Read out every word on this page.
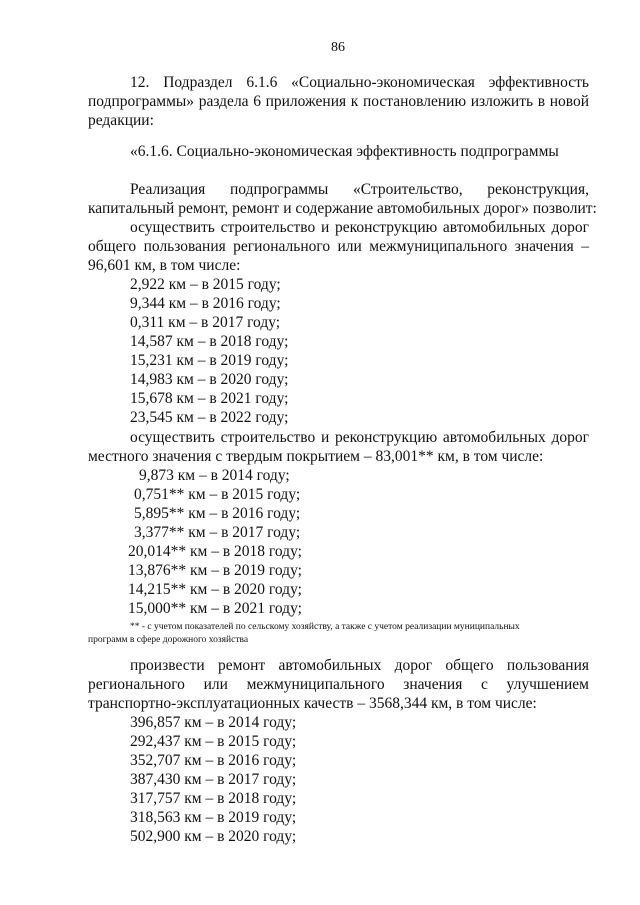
86
12. Подраздел 6.1.6 «Социально-экономическая эффективность
подпрограммы» раздела 6 приложения к постановлению изложить в новой
редакции:
«6.1.6. Социально-экономическая эффективность подпрограммы
Реализация подпрограммы «Строительство, реконструкция,
капитальный ремонт, ремонт и содержание автомобильных дорог» позволит:
осуществить строительство и реконструкцию автомобильных дорог
общего пользования регионального или межмуниципального значения –
96,601 км, в том числе:
2,922 км – в 2015 году;
9,344 км – в 2016 году;
0,311 км – в 2017 году;
14,587 км – в 2018 году;
15,231 км – в 2019 году;
14,983 км – в 2020 году;
15,678 км – в 2021 году;
23,545 км – в 2022 году;
осуществить строительство и реконструкцию автомобильных дорог
местного значения с твердым покрытием – 83,001** км, в том числе:
9,873 км – в 2014 году;
0,751** км – в 2015 году;
5,895** км – в 2016 году;
3,377** км – в 2017 году;
20,014** км – в 2018 году;
13,876** км – в 2019 году;
14,215** км – в 2020 году;
15,000** км – в 2021 году;
** - с учетом показателей по сельскому хозяйству, а также с учетом реализации муниципальных
программ в сфере дорожного хозяйства
произвести ремонт автомобильных дорог общего пользования
регионального или межмуниципального значения с улучшением
транспортно-эксплуатационных качеств – 3568,344 км, в том числе:
396,857 км – в 2014 году;
292,437 км – в 2015 году;
352,707 км – в 2016 году;
387,430 км – в 2017 году;
317,757 км – в 2018 году;
318,563 км – в 2019 году;
502,900 км – в 2020 году;
